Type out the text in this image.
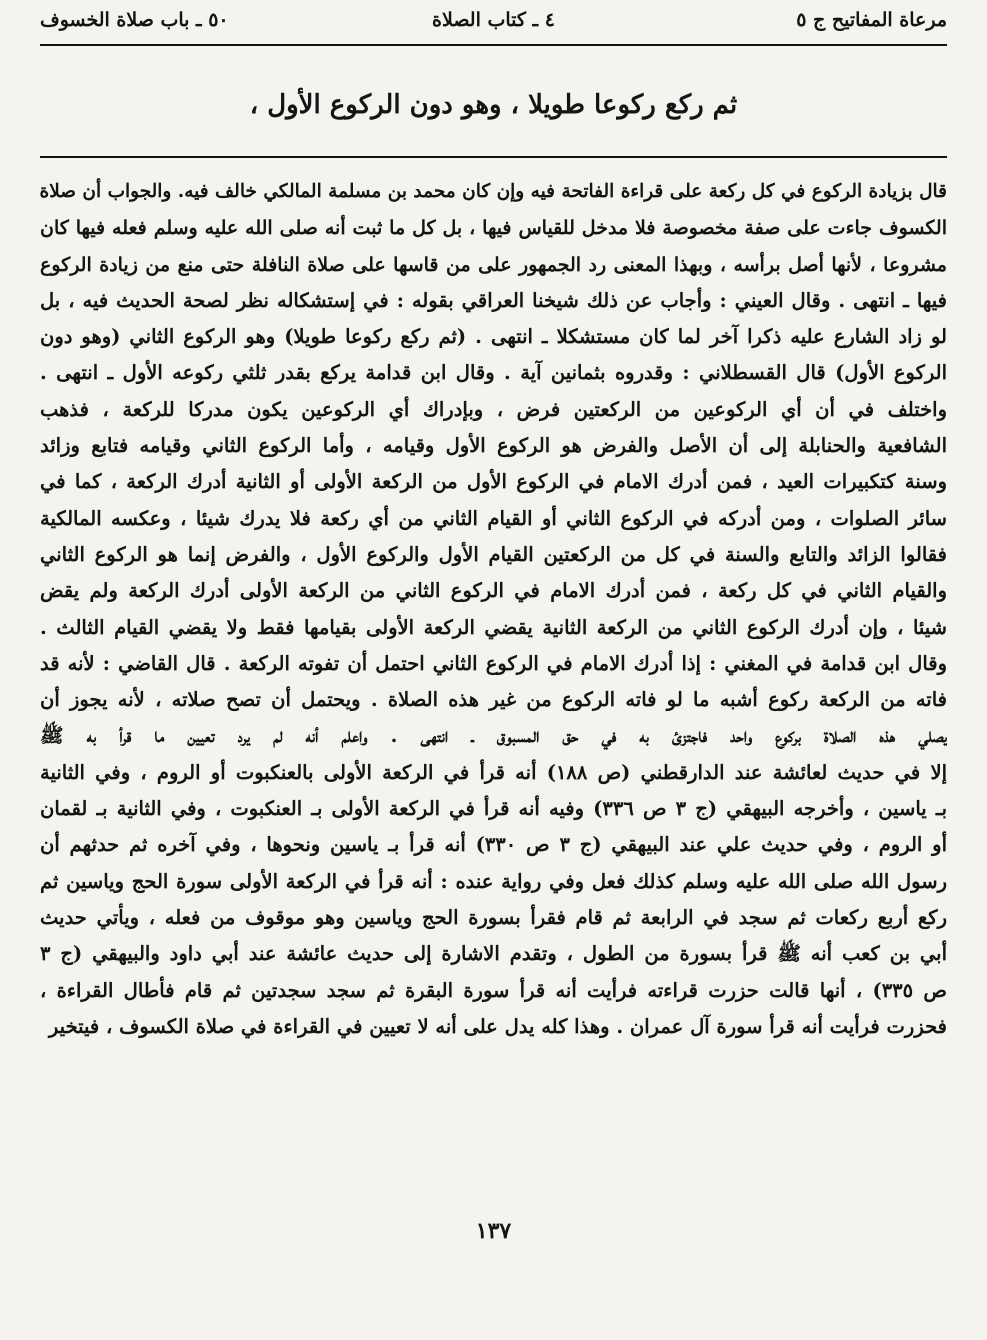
مرعاة المفاتيح ج ٥
٤ ـ كتاب الصلاة
٥٠ ـ باب صلاة الخسوف
ثم ركع ركوعا طويلا ، وهو دون الركوع الأول ،
قال بزيادة الركوع في كل ركعة على قراءة الفاتحة فيه وإن كان محمد بن مسلمة المالكي خالف فيه. والجواب أن صلاة
الكسوف جاءت على صفة مخصوصة فلا مدخل للقياس فيها ، بل كل ما ثبت أنه صلى الله عليه وسلم فعله فيها كان
مشروعا ، لأنها أصل برأسه ، وبهذا المعنى رد الجمهور على من قاسها على صلاة النافلة حتى منع من زيادة الركوع
فيها ـ انتهى . وقال العيني : وأجاب عن ذلك شيخنا العراقي بقوله : في إستشكاله نظر لصحة الحديث فيه ، بل
لو زاد الشارع عليه ذكرا آخر لما كان مستشكلا ـ انتهى . (ثم ركع ركوعا طويلا) وهو الركوع الثاني (وهو دون
الركوع الأول) قال القسطلاني : وقدروه بثمانين آية . وقال ابن قدامة يركع بقدر ثلثي ركوعه الأول ـ انتهى .
واختلف في أن أي الركوعين من الركعتين فرض ، وبإدراك أي الركوعين يكون مدركا للركعة ، فذهب
الشافعية والحنابلة إلى أن الأصل والفرض هو الركوع الأول وقيامه ، وأما الركوع الثاني وقيامه فتابع وزائد
وسنة كتكبيرات العيد ، فمن أدرك الامام في الركوع الأول من الركعة الأولى أو الثانية أدرك الركعة ، كما في
سائر الصلوات ، ومن أدركه في الركوع الثاني أو القيام الثاني من أي ركعة فلا يدرك شيئا ، وعكسه المالكية
فقالوا الزائد والتابع والسنة في كل من الركعتين القيام الأول والركوع الأول ، والفرض إنما هو الركوع الثاني
والقيام الثاني في كل ركعة ، فمن أدرك الامام في الركوع الثاني من الركعة الأولى أدرك الركعة ولم يقض
شيئا ، وإن أدرك الركوع الثاني من الركعة الثانية يقضي الركعة الأولى بقيامها فقط ولا يقضي القيام الثالث .
وقال ابن قدامة في المغني : إذا أدرك الامام في الركوع الثاني احتمل أن تفوته الركعة . قال القاضي : لأنه قد
فاته من الركعة ركوع أشبه ما لو فاته الركوع من غير هذه الصلاة . ويحتمل أن تصح صلاته ، لأنه يجوز أن
يصلي هذه الصلاة بركوع واحد فاجتزئ به في حق المسبوق ـ انتهى . واعلم أنه لم يرد تعيين ما قرأ به ﷺ
إلا في حديث لعائشة عند الدارقطني (ص ١٨٨) أنه قرأ في الركعة الأولى بالعنكبوت أو الروم ، وفي الثانية
بـ ياسين ، وأخرجه البيهقي (ج ٣ ص ٣٣٦) وفيه أنه قرأ في الركعة الأولى بـ العنكبوت ، وفي الثانية بـ لقمان
أو الروم ، وفي حديث علي عند البيهقي (ج ٣ ص ٣٣٠) أنه قرأ بـ ياسين ونحوها ، وفي آخره ثم حدثهم أن
رسول الله صلى الله عليه وسلم كذلك فعل وفي رواية عنده : أنه قرأ في الركعة الأولى سورة الحج وياسين ثم
ركع أربع ركعات ثم سجد في الرابعة ثم قام فقرأ بسورة الحج وياسين وهو موقوف من فعله ، ويأتي حديث
أبي بن كعب أنه ﷺ قرأ بسورة من الطول ، وتقدم الاشارة إلى حديث عائشة عند أبي داود والبيهقي (ج ٣
ص ٣٣٥) ، أنها قالت حزرت قراءته فرأيت أنه قرأ سورة البقرة ثم سجد سجدتين ثم قام فأطال القراءة ،
فحزرت فرأيت أنه قرأ سورة آل عمران . وهذا كله يدل على أنه لا تعيين في القراءة في صلاة الكسوف ، فيتخير
١٣٧
